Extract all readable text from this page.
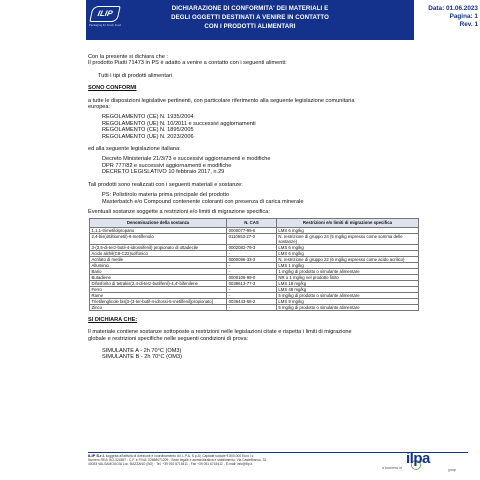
DICHIARAZIONE DI CONFORMITA' DEI MATERIALI E
DEGLI OGGETTI DESTINATI A VENIRE IN CONTATTO
CON I PRODOTTI ALIMENTARI
ILIP
Packaging for Fresh Food
Data: 01.06.2023
Pagina: 1
Rev. 1

Con la presente si dichiara che :

Il prodotto Piatti 71473 in PS è adatto a venire a contatto con i seguenti alimenti:

Tutti i tipi di prodotti alimentari

SONO CONFORMI

a tutte le disposizioni legislative pertinenti, con particolare riferimento alla seguente legislazione comunitaria

europea:

REGOLAMENTO (CE) N. 1935/2004

REGOLAMENTO (UE) N. 10/2011 e successivi aggiornamenti

REGOLAMENTO (CE) N. 1895/2005

REGOLAMENTO (UE) N. 2023/2006

ed alla seguente legislazione italiana:

Decreto Ministeriale 21/3/73 e successivi aggiornamenti e modifiche

DPR 777/82 e successivi aggiornamenti e modifiche

DECRETO LEGISLATIVO 10 febbraio 2017, n.29

Tali prodotti sono realizzati con i seguenti materiali e sostanze:

PS: Polistirolo materia prima principale del prodotto

Masterbatch e/o Compound contenente coloranti con presenza di carica minerale

Eventuali sostanze soggette a restrizioni e/o limiti di migrazione specifica:

Denominazione della sostanza	N. CAS	Restrizioni e/o limiti di migrazione specifica
1,1,1-trimetilolpropano	0000077-99-6	LMS 6 mg/kg
2,4-bis(ottiltiometil)-6-metilfenolo	0110553-27-0	N. restrizione di gruppo 24 (5 mg/kg espresso come somma delle sostanze)
3-(3,5-di-terz-butil-4-idrossifenil) propionato di ottadecile	0002082-79-3	LMS 6 mg/kg
Acido alchil(C8-C22)solfonico	-	LMS 6 mg/kg
Acrilato di metile	0000096-33-3	N. restrizione di gruppo 22 (6 mg/kg espresso come acido acrilico)
Alluminio	-	LMS 1 mg/kg
Bario	-	1 mg/kg di prodotto o simulante alimentare
Butadiene	0000106-99-0	NR o 1 mg/kg nel prodotto finito
Difosforito di tetrakis(2,4-di-terz-butilfenil)-4,4'-bifenilene	0038613-77-3	LMS 18 mg/kg
Ferro	-	LMS 48 mg/kg
Rame	-	5 mg/kg di prodotto o simulante alimentare
Trietilenglicole bis[3-(3-ter-butil-4-idrossi-5-metilfenil)propionato]	0036443-68-2	LMS 9 mg/kg
Zinco	-	5 mg/kg di prodotto o simulante alimentare

SI DICHIARA CHE:

Il materiale contiene sostanze sottoposte a restrizioni nelle legislazioni citate e rispetta i limiti di migrazione

globale e restrizioni specifiche nelle seguenti condizioni di prova:

SIMULANTE A - 2h 70°C (OM3)

SIMULANTE B - 2h 70°C (OM3)

ILIP S.r.l. soggetta all'attività di direzione e coordinamento di I.L.P.A. S.p.A | Capitale sociale € 800.000 Euro i.v.
Numero REA: BO-324557 - C.F. e P.IVA: 02668071209 - Sede legale e amministrativa e stabilimento: Via Castelfranco, 32
40053 VALSAMOGGIA Loc. BAZZANO (BO) · Tel. +39 051 6715411 - Fax +39 051 6715412 - E-mail: info@ilip.it
a business of
ilpa
group
